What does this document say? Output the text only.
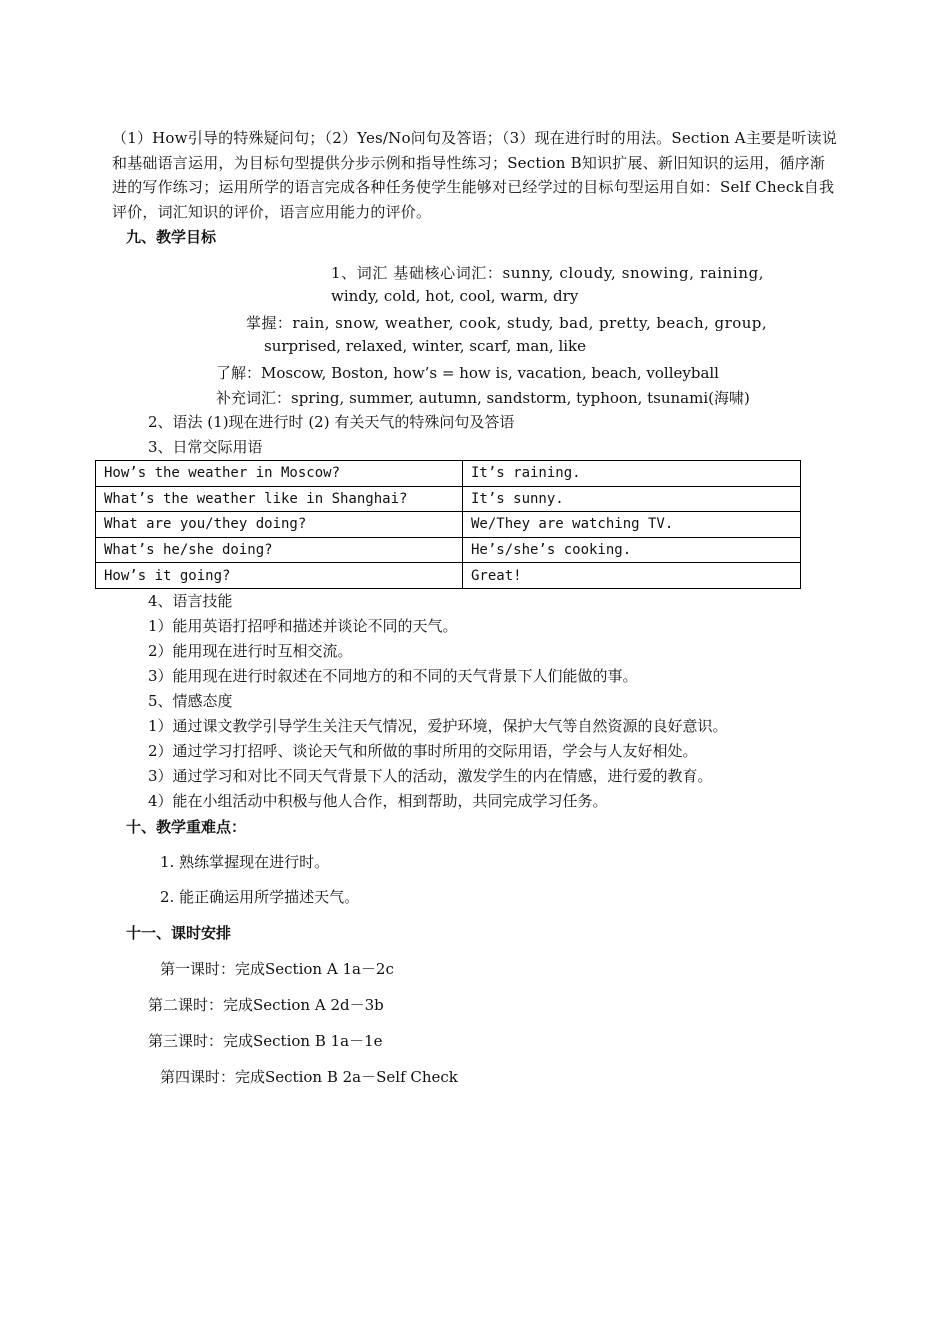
（1）How引导的特殊疑问句；（2）Yes/No问句及答语；（3）现在进行时的用法。Section A主要是听读说和基础语言运用，为目标句型提供分步示例和指导性练习；Section B知识扩展、新旧知识的运用，循序渐进的写作练习；运用所学的语言完成各种任务使学生能够对已经学过的目标句型运用自如：Self Check自我评价，词汇知识的评价，语言应用能力的评价。
九、教学目标
1、词汇 基础核心词汇：sunny, cloudy, snowing, raining,
windy, cold, hot, cool, warm, dry
掌握：rain, snow, weather, cook, study, bad, pretty, beach, group,
surprised, relaxed, winter, scarf, man, like
了解：Moscow, Boston, how’s = how is, vacation, beach, volleyball
补充词汇：spring, summer, autumn, sandstorm, typhoon, tsunami(海啸)
2、语法 (1)现在进行时 (2) 有关天气的特殊问句及答语
3、日常交际用语
How’s the weather in Moscow?	It’s raining.
What’s the weather like in Shanghai?	It’s sunny.
What are you/they doing?	We/They are watching TV.
What’s he/she doing?	He’s/she’s cooking.
How’s it going?	Great!
4、语言技能
1）能用英语打招呼和描述并谈论不同的天气。
2）能用现在进行时互相交流。
3）能用现在进行时叙述在不同地方的和不同的天气背景下人们能做的事。
5、情感态度
1）通过课文教学引导学生关注天气情况，爱护环境，保护大气等自然资源的良好意识。
2）通过学习打招呼、谈论天气和所做的事时所用的交际用语，学会与人友好相处。
3）通过学习和对比不同天气背景下人的活动，激发学生的内在情感，进行爱的教育。
4）能在小组活动中积极与他人合作，相到帮助，共同完成学习任务。
十、教学重难点：
1. 熟练掌握现在进行时。
2. 能正确运用所学描述天气。
十一、课时安排
第一课时：完成Section A 1a－2c
第二课时：完成Section A 2d－3b
第三课时：完成Section B 1a－1e
第四课时：完成Section B 2a－Self Check
